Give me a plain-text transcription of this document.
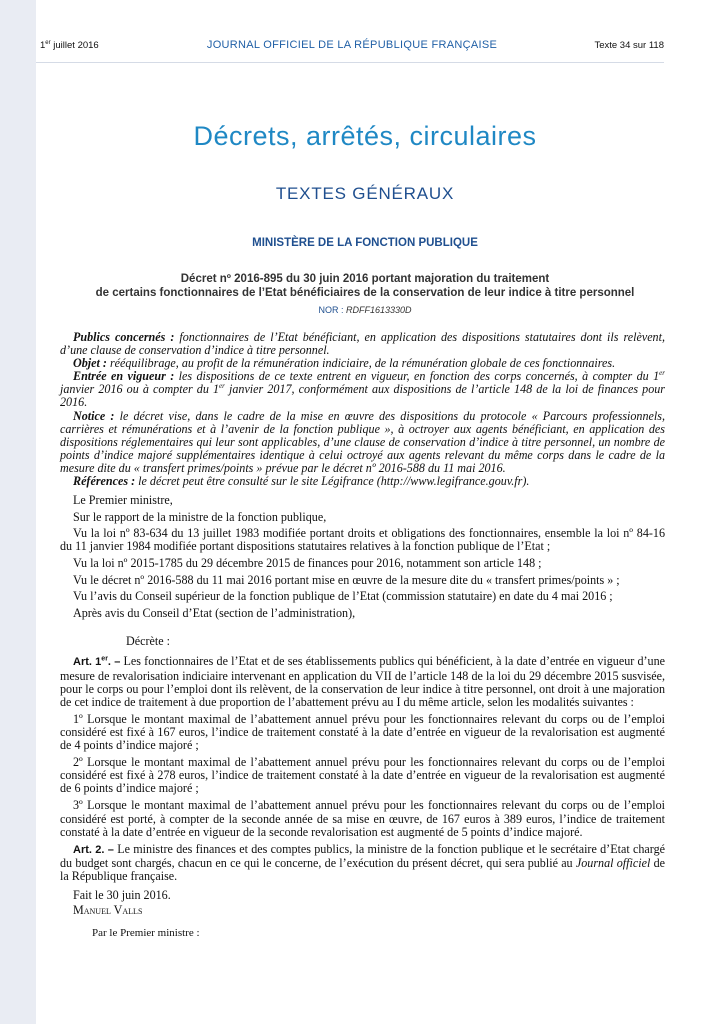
1er juillet 2016	JOURNAL OFFICIEL DE LA RÉPUBLIQUE FRANÇAISE	Texte 34 sur 118
Décrets, arrêtés, circulaires
TEXTES GÉNÉRAUX
MINISTÈRE DE LA FONCTION PUBLIQUE
Décret nº 2016-895 du 30 juin 2016 portant majoration du traitement
de certains fonctionnaires de l’Etat bénéficiaires de la conservation de leur indice à titre personnel
NOR : RDFF1613330D

Publics concernés : fonctionnaires de l’Etat bénéficiant, en application des dispositions statutaires dont ils relèvent, d’une clause de conservation d’indice à titre personnel.

Objet : rééquilibrage, au profit de la rémunération indiciaire, de la rémunération globale de ces fonctionnaires.

Entrée en vigueur : les dispositions de ce texte entrent en vigueur, en fonction des corps concernés, à compter du 1er janvier 2016 ou à compter du 1er janvier 2017, conformément aux dispositions de l’article 148 de la loi de finances pour 2016.

Notice : le décret vise, dans le cadre de la mise en œuvre des dispositions du protocole « Parcours professionnels, carrières et rémunérations et à l’avenir de la fonction publique », à octroyer aux agents bénéficiant, en application des dispositions réglementaires qui leur sont applicables, d’une clause de conservation d’indice à titre personnel, un nombre de points d’indice majoré supplémentaires identique à celui octroyé aux agents relevant du même corps dans le cadre de la mesure dite du « transfert primes/points » prévue par le décret nº 2016-588 du 11 mai 2016.

Références : le décret peut être consulté sur le site Légifrance (http://www.legifrance.gouv.fr).

Le Premier ministre,

Sur le rapport de la ministre de la fonction publique,

Vu la loi nº 83-634 du 13 juillet 1983 modifiée portant droits et obligations des fonctionnaires, ensemble la loi nº 84-16 du 11 janvier 1984 modifiée portant dispositions statutaires relatives à la fonction publique de l’Etat ;

Vu la loi nº 2015-1785 du 29 décembre 2015 de finances pour 2016, notamment son article 148 ;

Vu le décret nº 2016-588 du 11 mai 2016 portant mise en œuvre de la mesure dite du « transfert primes/points » ;

Vu l’avis du Conseil supérieur de la fonction publique de l’Etat (commission statutaire) en date du 4 mai 2016 ;

Après avis du Conseil d’Etat (section de l’administration),

Décrète :

Art. 1er. – Les fonctionnaires de l’Etat et de ses établissements publics qui bénéficient, à la date d’entrée en vigueur d’une mesure de revalorisation indiciaire intervenant en application du VII de l’article 148 de la loi du 29 décembre 2015 susvisée, pour le corps ou pour l’emploi dont ils relèvent, de la conservation de leur indice à titre personnel, ont droit à une majoration de cet indice de traitement à due proportion de l’abattement prévu au I du même article, selon les modalités suivantes :

1º Lorsque le montant maximal de l’abattement annuel prévu pour les fonctionnaires relevant du corps ou de l’emploi considéré est fixé à 167 euros, l’indice de traitement constaté à la date d’entrée en vigueur de la revalorisation est augmenté de 4 points d’indice majoré ;

2º Lorsque le montant maximal de l’abattement annuel prévu pour les fonctionnaires relevant du corps ou de l’emploi considéré est fixé à 278 euros, l’indice de traitement constaté à la date d’entrée en vigueur de la revalorisation est augmenté de 6 points d’indice majoré ;

3º Lorsque le montant maximal de l’abattement annuel prévu pour les fonctionnaires relevant du corps ou de l’emploi considéré est porté, à compter de la seconde année de sa mise en œuvre, de 167 euros à 389 euros, l’indice de traitement constaté à la date d’entrée en vigueur de la seconde revalorisation est augmenté de 5 points d’indice majoré.

Art. 2. – Le ministre des finances et des comptes publics, la ministre de la fonction publique et le secrétaire d’Etat chargé du budget sont chargés, chacun en ce qui le concerne, de l’exécution du présent décret, qui sera publié au Journal officiel de la République française.

Fait le 30 juin 2016.

Manuel Valls

Par le Premier ministre :
